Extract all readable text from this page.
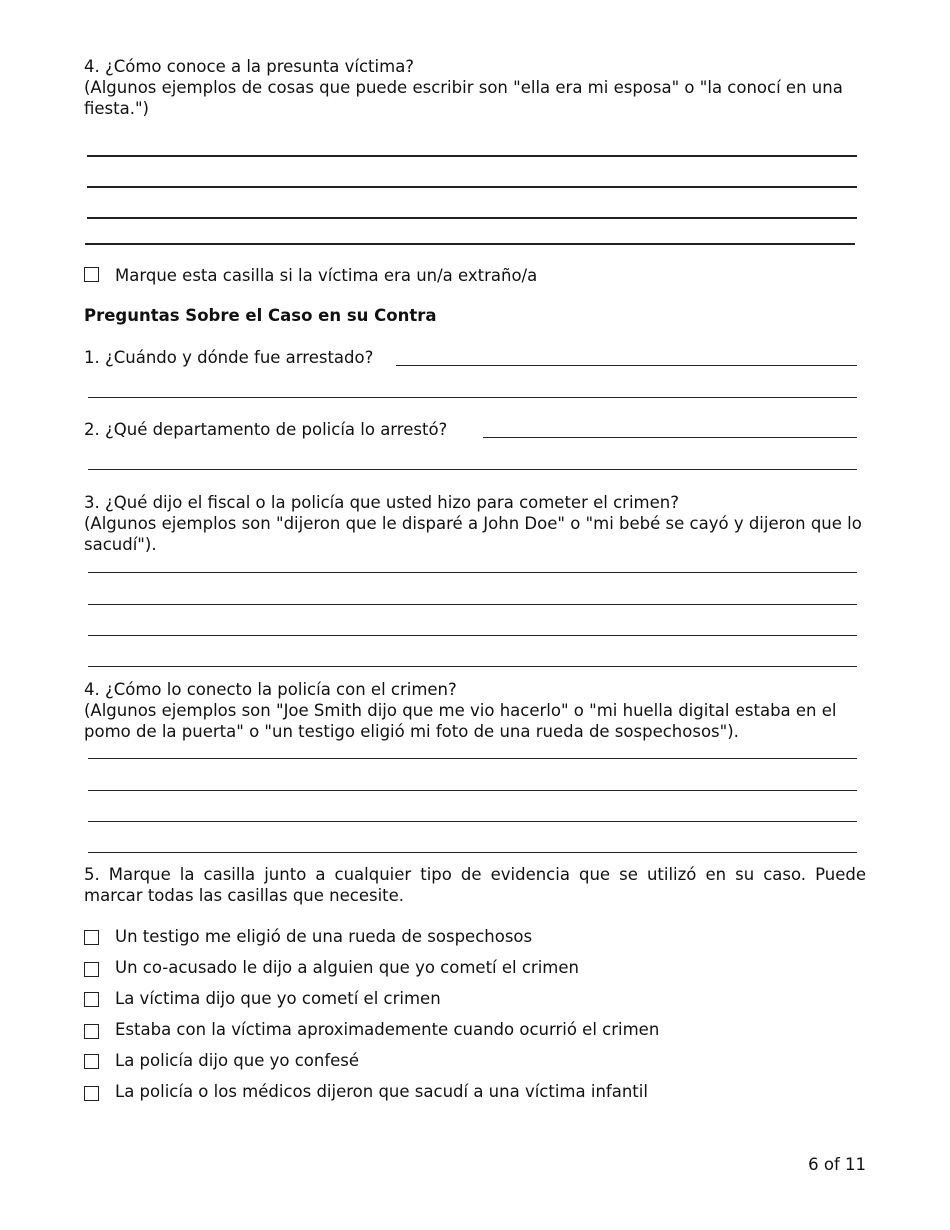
4. ¿Cómo conoce a la presunta víctima?
(Algunos ejemplos de cosas que puede escribir son "ella era mi esposa" o "la conocí en una fiesta.")
Marque esta casilla si la víctima era un/a extraño/a
Preguntas Sobre el Caso en su Contra
1. ¿Cuándo y dónde fue arrestado?
2. ¿Qué departamento de policía lo arrestó?
3. ¿Qué dijo el fiscal o la policía que usted hizo para cometer el crimen?
(Algunos ejemplos son "dijeron que le disparé a John Doe" o "mi bebé se cayó y dijeron que lo sacudí").
4. ¿Cómo lo conecto la policía con el crimen?
(Algunos ejemplos son "Joe Smith dijo que me vio hacerlo" o "mi huella digital estaba en el pomo de la puerta" o "un testigo eligió mi foto de una rueda de sospechosos").
5. Marque la casilla junto a cualquier tipo de evidencia que se utilizó en su caso. Puede marcar todas las casillas que necesite.
Un testigo me eligió de una rueda de sospechosos
Un co-acusado le dijo a alguien que yo cometí el crimen
La víctima dijo que yo cometí el crimen
Estaba con la víctima aproximademente cuando ocurrió el crimen
La policía dijo que yo confesé
La policía o los médicos dijeron que sacudí a una víctima infantil
6 of 11
